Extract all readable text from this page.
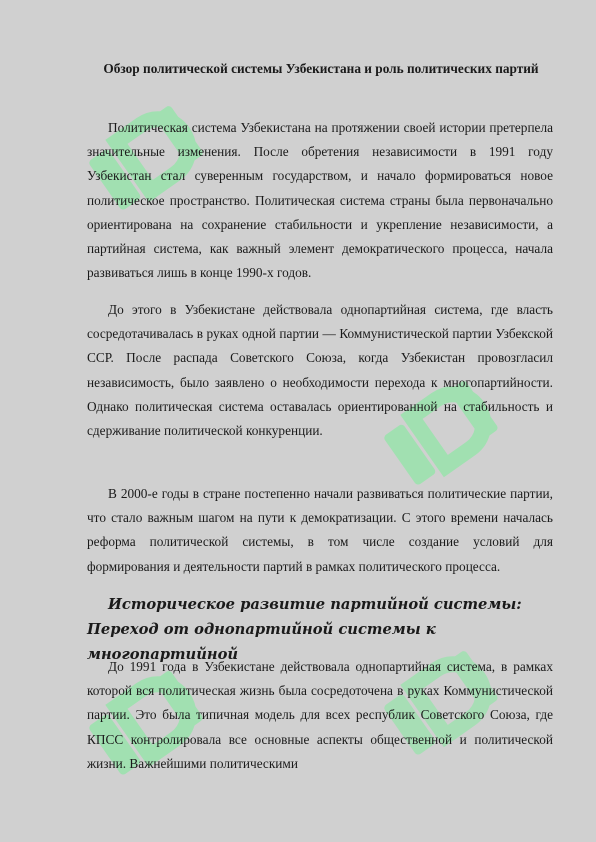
Обзор политической системы Узбекистана и роль политических партий

Политическая система Узбекистана на протяжении своей истории претерпела значительные изменения. После обретения независимости в 1991 году Узбекистан стал суверенным государством, и начало формироваться новое политическое пространство. Политическая система страны была первоначально ориентирована на сохранение стабильности и укрепление независимости, а партийная система, как важный элемент демократического процесса, начала развиваться лишь в конце 1990-х годов.

До этого в Узбекистане действовала однопартийная система, где власть сосредотачивалась в руках одной партии — Коммунистической партии Узбекской ССР. После распада Советского Союза, когда Узбекистан провозгласил независимость, было заявлено о необходимости перехода к многопартийности. Однако политическая система оставалась ориентированной на стабильность и сдерживание политической конкуренции.

В 2000-е годы в стране постепенно начали развиваться политические партии, что стало важным шагом на пути к демократизации. С этого времени началась реформа политической системы, в том числе создание условий для формирования и деятельности партий в рамках политического процесса.

Историческое развитие партийной системы: Переход от однопартийной системы к многопартийной

До 1991 года в Узбекистане действовала однопартийная система, в рамках которой вся политическая жизнь была сосредоточена в руках Коммунистической партии. Это была типичная модель для всех республик Советского Союза, где КПСС контролировала все основные аспекты общественной и политической жизни. Важнейшими политическими
